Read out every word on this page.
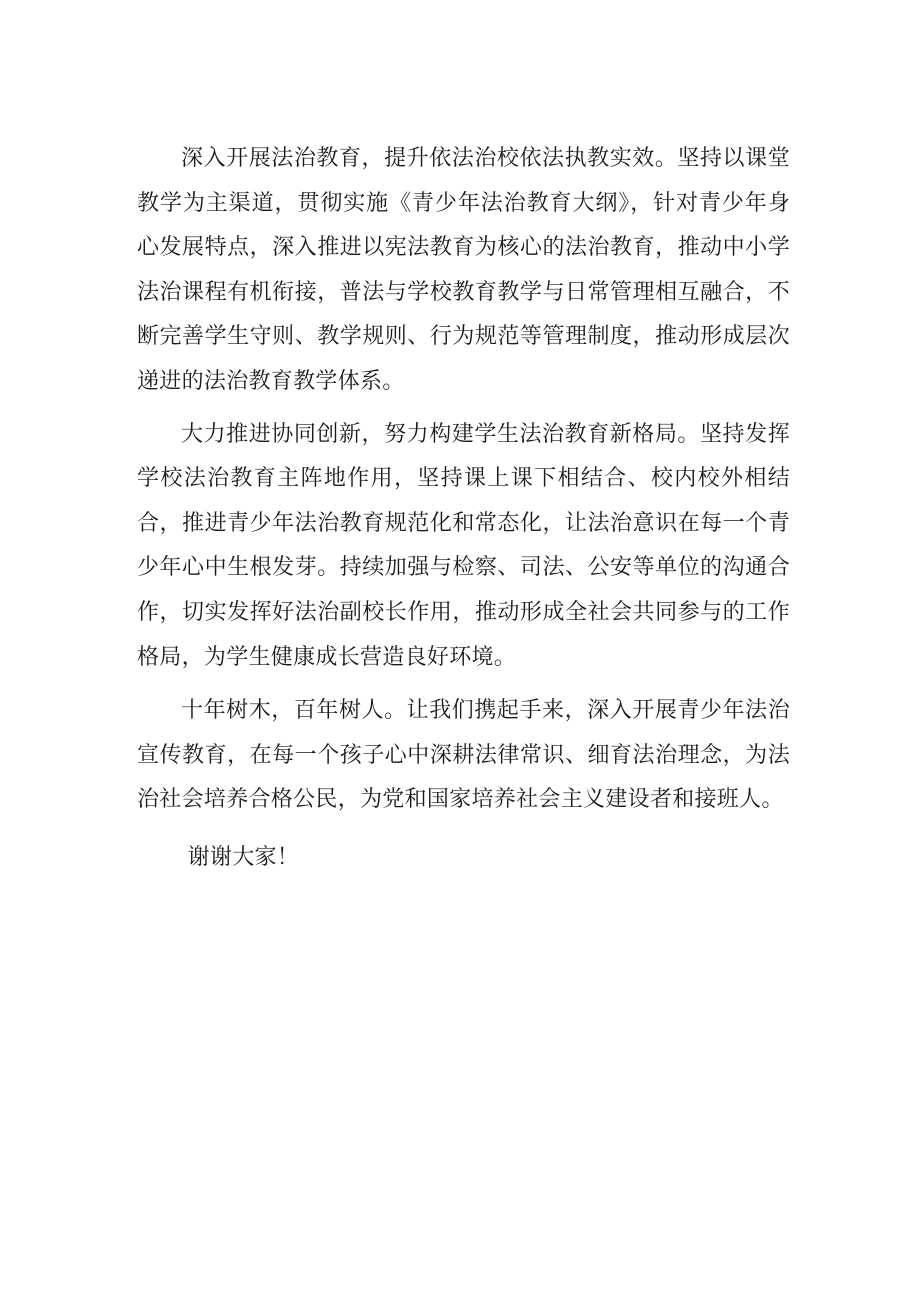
深入开展法治教育，提升依法治校依法执教实效。坚持以课堂教学为主渠道，贯彻实施《青少年法治教育大纲》，针对青少年身心发展特点，深入推进以宪法教育为核心的法治教育，推动中小学法治课程有机衔接，普法与学校教育教学与日常管理相互融合，不断完善学生守则、教学规则、行为规范等管理制度，推动形成层次递进的法治教育教学体系。

大力推进协同创新，努力构建学生法治教育新格局。坚持发挥学校法治教育主阵地作用，坚持课上课下相结合、校内校外相结合，推进青少年法治教育规范化和常态化，让法治意识在每一个青少年心中生根发芽。持续加强与检察、司法、公安等单位的沟通合作，切实发挥好法治副校长作用，推动形成全社会共同参与的工作格局，为学生健康成长营造良好环境。

十年树木，百年树人。让我们携起手来，深入开展青少年法治宣传教育，在每一个孩子心中深耕法律常识、细育法治理念，为法治社会培养合格公民，为党和国家培养社会主义建设者和接班人。

谢谢大家！
